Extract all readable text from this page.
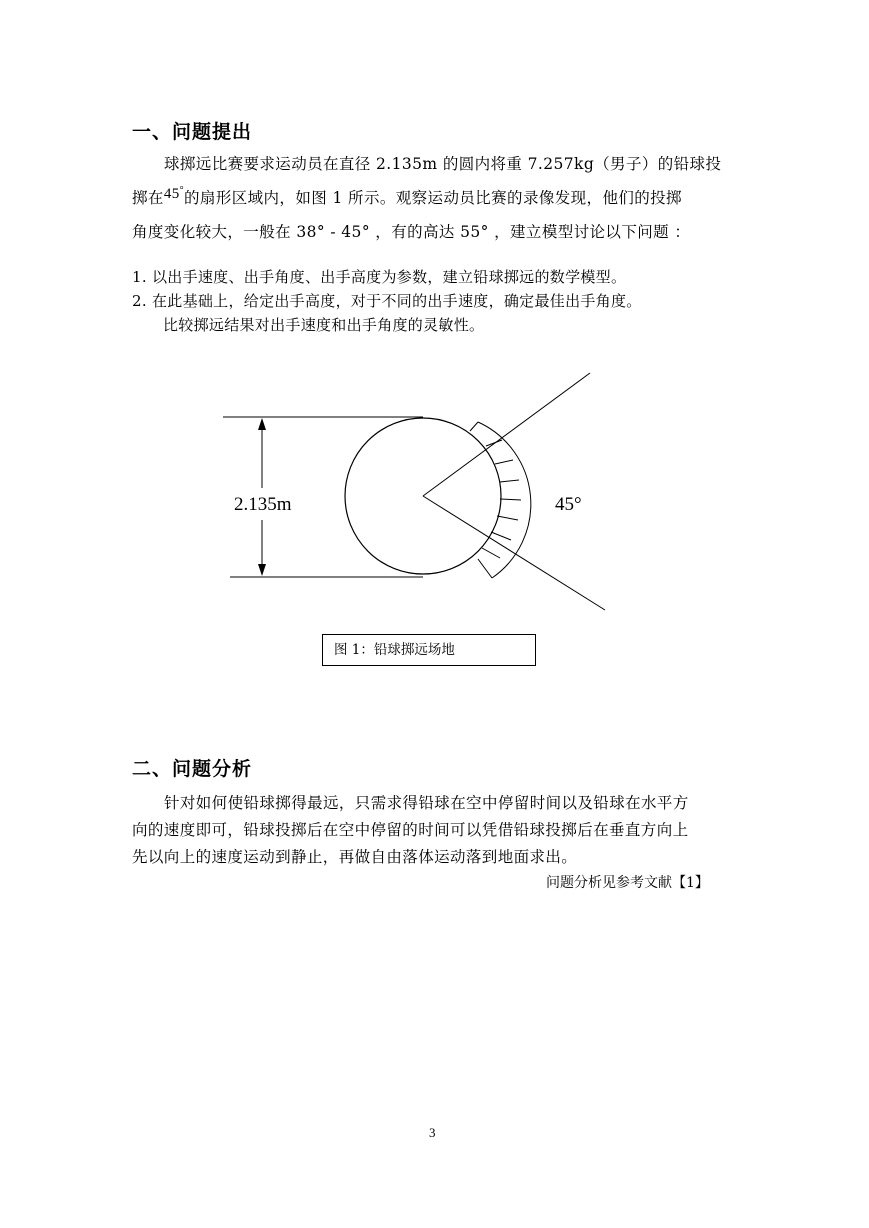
一、问题提出
球掷远比赛要求运动员在直径 2.135m 的圆内将重 7.257kg（男子）的铅球投
掷在45°的扇形区域内，如图 1 所示。观察运动员比赛的录像发现，他们的投掷
角度变化较大，一般在 38° - 45° ，有的高达 55° ，建立模型讨论以下问题 ：
1. 以出手速度、出手角度、出手高度为参数，建立铅球掷远的数学模型。
2. 在此基础上，给定出手高度，对于不同的出手速度，确定最佳出手角度。
比较掷远结果对出手速度和出手角度的灵敏性。
2.135m	45°
图 1：铅球掷远场地
二、问题分析
针对如何使铅球掷得最远，只需求得铅球在空中停留时间以及铅球在水平方
向的速度即可，铅球投掷后在空中停留的时间可以凭借铅球投掷后在垂直方向上
先以向上的速度运动到静止，再做自由落体运动落到地面求出。
问题分析见参考文献【1】
3
